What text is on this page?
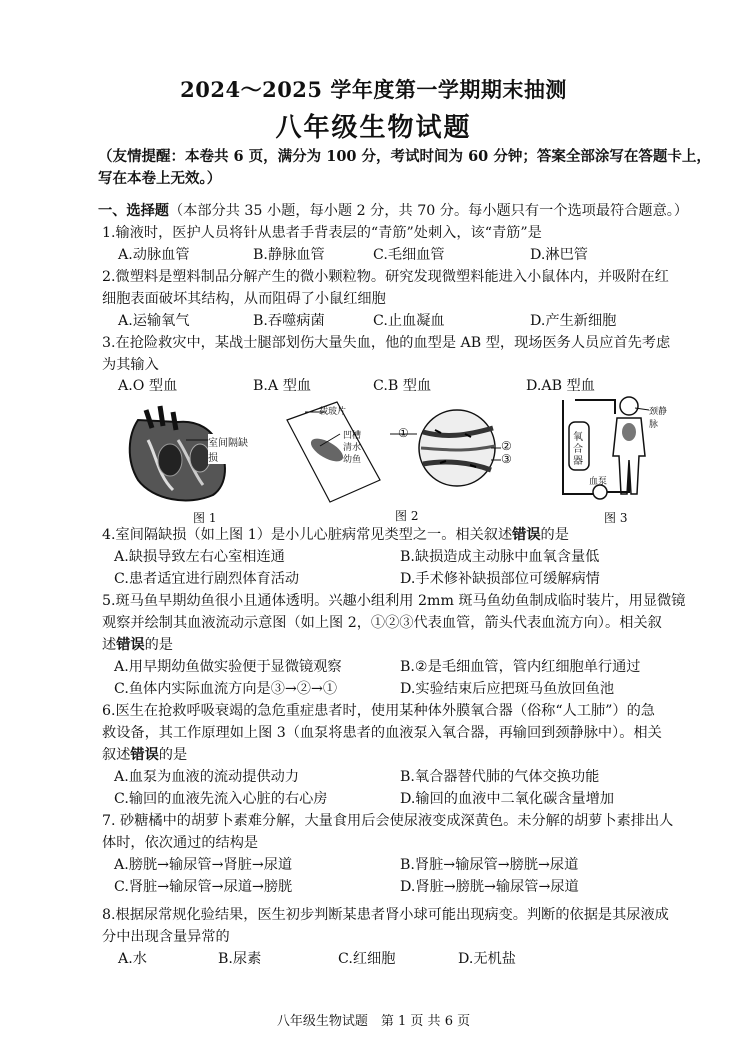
2024～2025 学年度第一学期期末抽测
八年级生物试题
（友情提醒：本卷共 6 页，满分为 100 分，考试时间为 60 分钟；答案全部涂写在答题卡上，
写在本卷上无效。）
一、选择题（本部分共 35 小题，每小题 2 分，共 70 分。每小题只有一个选项最符合题意。）
1.输液时，医护人员将针从患者手背表层的“青筋”处刺入，该“青筋”是
A.动脉血管	B.静脉血管	C.毛细血管	D.淋巴管
2.微塑料是塑料制品分解产生的微小颗粒物。研究发现微塑料能进入小鼠体内，并吸附在红
细胞表面破坏其结构，从而阻碍了小鼠红细胞
A.运输氧气	B.吞噬病菌	C.止血凝血	D.产生新细胞
3.在抢险救灾中，某战士腿部划伤大量失血，他的血型是 AB 型，现场医务人员应首先考虑
为其输入
A.O 型血	B.A 型血	C.B 型血	D.AB 型血
室间隔缺损
图 1
载玻片
凹槽
清水
幼鱼
①
②
③
图 2
颈静脉
氧
合
器
血泵
图 3
4.室间隔缺损（如上图 1）是小儿心脏病常见类型之一。相关叙述错误的是
A.缺损导致左右心室相连通	B.缺损造成主动脉中血氧含量低
C.患者适宜进行剧烈体育活动	D.手术修补缺损部位可缓解病情
5.斑马鱼早期幼鱼很小且通体透明。兴趣小组利用 2mm 斑马鱼幼鱼制成临时装片，用显微镜
观察并绘制其血液流动示意图（如上图 2，①②③代表血管，箭头代表血流方向）。相关叙
述错误的是
A.用早期幼鱼做实验便于显微镜观察	B.②是毛细血管，管内红细胞单行通过
C.鱼体内实际血流方向是③→②→①	D.实验结束后应把斑马鱼放回鱼池
6.医生在抢救呼吸衰竭的急危重症患者时，使用某种体外膜氧合器（俗称“人工肺”）的急
救设备，其工作原理如上图 3（血泵将患者的血液泵入氧合器，再输回到颈静脉中）。相关
叙述错误的是
A.血泵为血液的流动提供动力	B.氧合器替代肺的气体交换功能
C.输回的血液先流入心脏的右心房	D.输回的血液中二氧化碳含量增加
7. 砂糖橘中的胡萝卜素难分解，大量食用后会使尿液变成深黄色。未分解的胡萝卜素排出人
体时，依次通过的结构是
A.膀胱→输尿管→肾脏→尿道	B.肾脏→输尿管→膀胱→尿道
C.肾脏→输尿管→尿道→膀胱	D.肾脏→膀胱→输尿管→尿道
8.根据尿常规化验结果，医生初步判断某患者肾小球可能出现病变。判断的依据是其尿液成
分中出现含量异常的
A.水	B.尿素	C.红细胞	D.无机盐
八年级生物试题　第 1 页 共 6 页
